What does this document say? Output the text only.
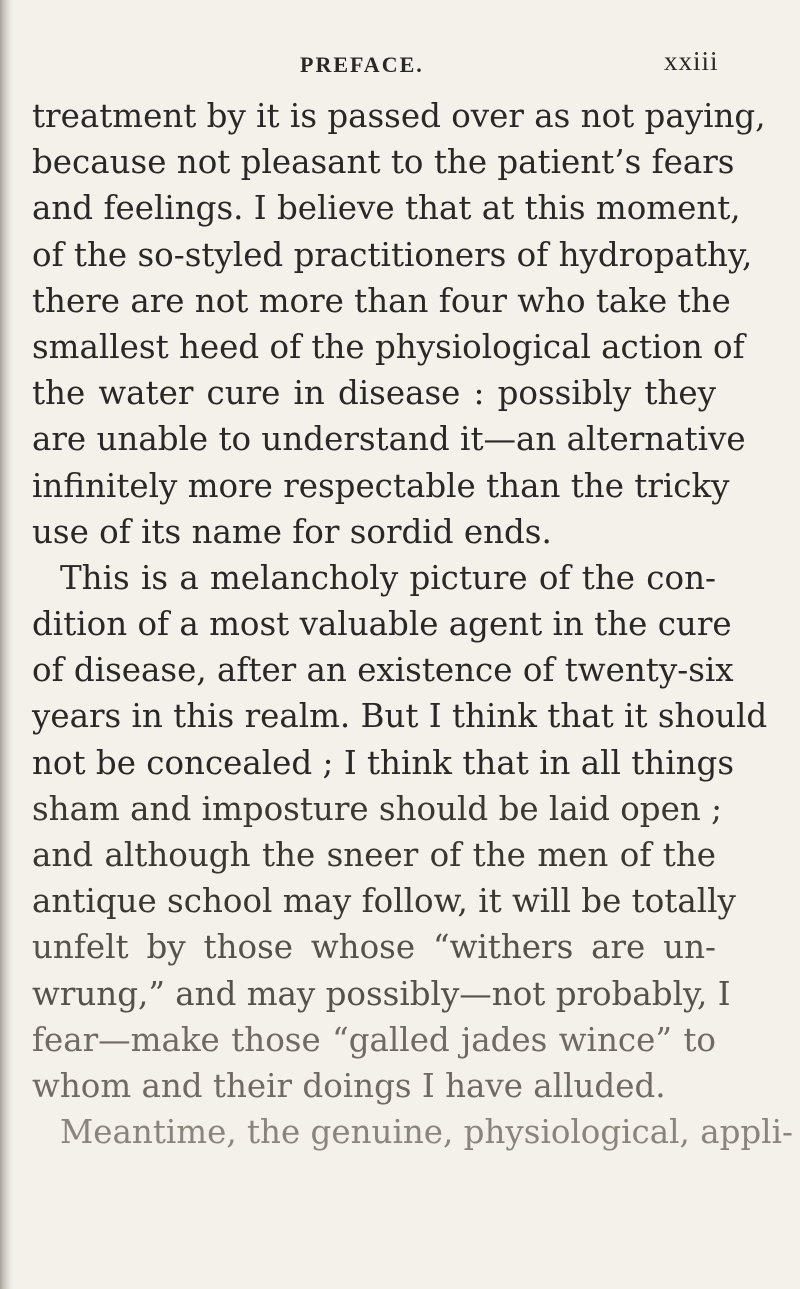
PREFACE.	xxiii
treatment by it is passed over as not paying,
because not pleasant to the patient’s fears
and feelings. I believe that at this moment,
of the so-styled practitioners of hydropathy,
there are not more than four who take the
smallest heed of the physiological action of
the water cure in disease : possibly they
are unable to understand it—an alternative
infinitely more respectable than the tricky
use of its name for sordid ends.
This is a melancholy picture of the con-
dition of a most valuable agent in the cure
of disease, after an existence of twenty-six
years in this realm. But I think that it should
not be concealed ; I think that in all things
sham and imposture should be laid open ;
and although the sneer of the men of the
antique school may follow, it will be totally
unfelt by those whose “withers are un-
wrung,” and may possibly—not probably, I
fear—make those “galled jades wince” to
whom and their doings I have alluded.
Meantime, the genuine, physiological, appli-
